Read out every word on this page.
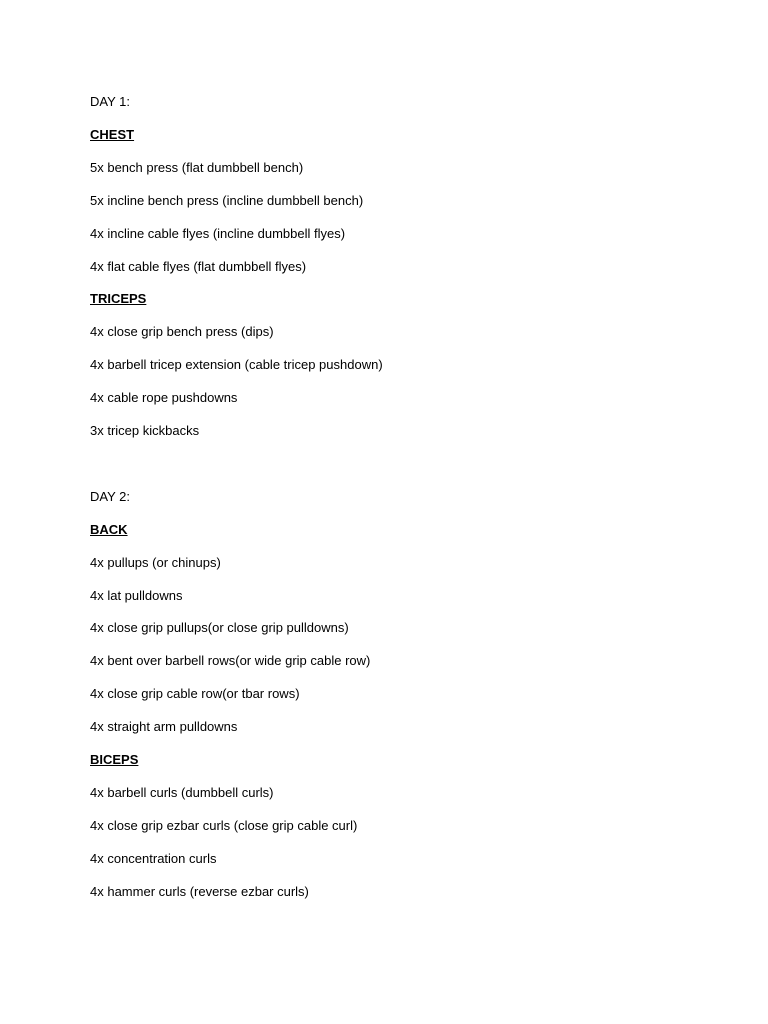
DAY 1:
CHEST
5x bench press (flat dumbbell bench)
5x incline bench press (incline dumbbell bench)
4x incline cable flyes (incline dumbbell flyes)
4x flat cable flyes (flat dumbbell flyes)
TRICEPS
4x close grip bench press (dips)
4x barbell tricep extension (cable tricep pushdown)
4x cable rope pushdowns
3x tricep kickbacks
DAY 2:
BACK
4x pullups (or chinups)
4x lat pulldowns
4x close grip pullups(or close grip pulldowns)
4x bent over barbell rows(or wide grip cable row)
4x close grip cable row(or tbar rows)
4x straight arm pulldowns
BICEPS
4x barbell curls (dumbbell curls)
4x close grip ezbar curls (close grip cable curl)
4x concentration curls
4x hammer curls (reverse ezbar curls)
